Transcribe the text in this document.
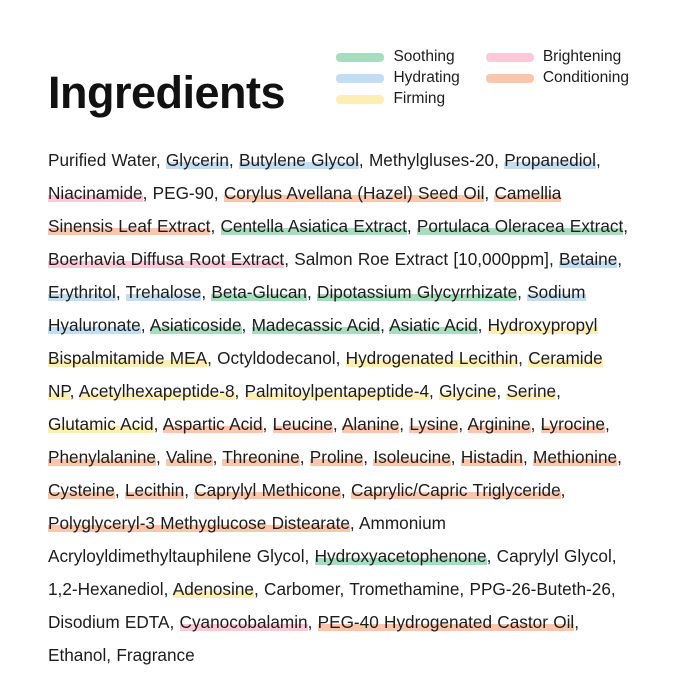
Ingredients
Soothing
Hydrating
Firming
Brightening
Conditioning
Purified Water, Glycerin, Butylene Glycol, Methylgluses-20, Propanediol, Niacinamide, PEG-90, Corylus Avellana (Hazel) Seed Oil, Camellia Sinensis Leaf Extract, Centella Asiatica Extract, Portulaca Oleracea Extract, Boerhavia Diffusa Root Extract, Salmon Roe Extract [10,000ppm], Betaine, Erythritol, Trehalose, Beta-Glucan, Dipotassium Glycyrrhizate, Sodium Hyaluronate, Asiaticoside, Madecassic Acid, Asiatic Acid, Hydroxypropyl Bispalmitamide MEA, Octyldodecanol, Hydrogenated Lecithin, Ceramide NP, Acetylhexapeptide-8, Palmitoylpentapeptide-4, Glycine, Serine, Glutamic Acid, Aspartic Acid, Leucine, Alanine, Lysine, Arginine, Lyrocine, Phenylalanine, Valine, Threonine, Proline, Isoleucine, Histadin, Methionine, Cysteine, Lecithin, Caprylyl Methicone, Caprylic/Capric Triglyceride, Polyglyceryl-3 Methyglucose Distearate, Ammonium Acryloyldimethyltauphilene Glycol, Hydroxyacetophenone, Caprylyl Glycol, 1,2-Hexanediol, Adenosine, Carbomer, Tromethamine, PPG-26-Buteth-26, Disodium EDTA, Cyanocobalamin, PEG-40 Hydrogenated Castor Oil, Ethanol, Fragrance
